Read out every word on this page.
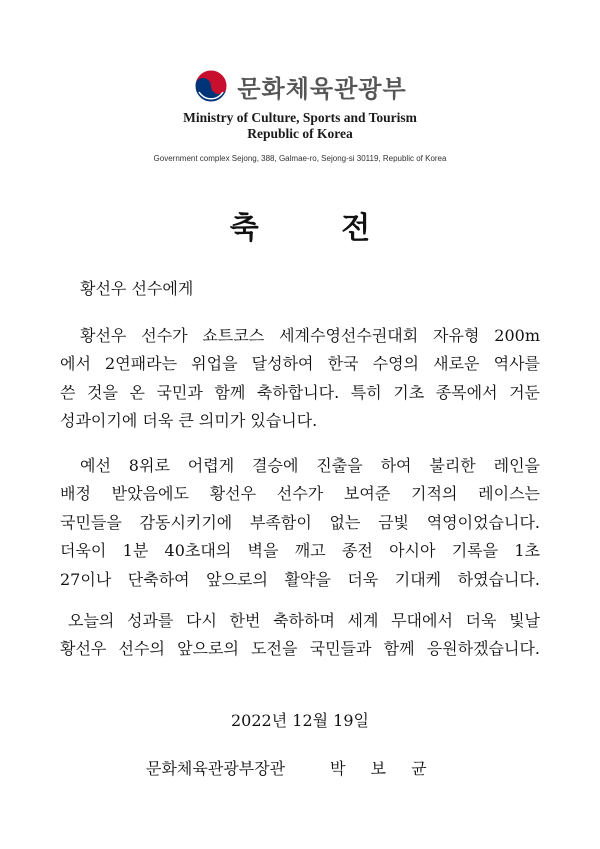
문화체육관광부
Ministry of Culture, Sports and Tourism
Republic of Korea
Government complex Sejong, 388, Galmae-ro, Sejong-si 30119, Republic of Korea
축 전
황선우 선수에게
황선우 선수가 쇼트코스 세계수영선수권대회 자유형 200m
에서 2연패라는 위업을 달성하여 한국 수영의 새로운 역사를
쓴 것을 온 국민과 함께 축하합니다. 특히 기초 종목에서 거둔
성과이기에 더욱 큰 의미가 있습니다.
예선 8위로 어렵게 결승에 진출을 하여 불리한 레인을
배정 받았음에도 황선우 선수가 보여준 기적의 레이스는
국민들을 감동시키기에 부족함이 없는 금빛 역영이었습니다.
더욱이 1분 40초대의 벽을 깨고 종전 아시아 기록을 1초
27이나 단축하여 앞으로의 활약을 더욱 기대케 하였습니다.
오늘의 성과를 다시 한번 축하하며 세계 무대에서 더욱 빛날
황선우 선수의 앞으로의 도전을 국민들과 함께 응원하겠습니다.
2022년 12월 19일
문화체육관광부장관	박 보 균
